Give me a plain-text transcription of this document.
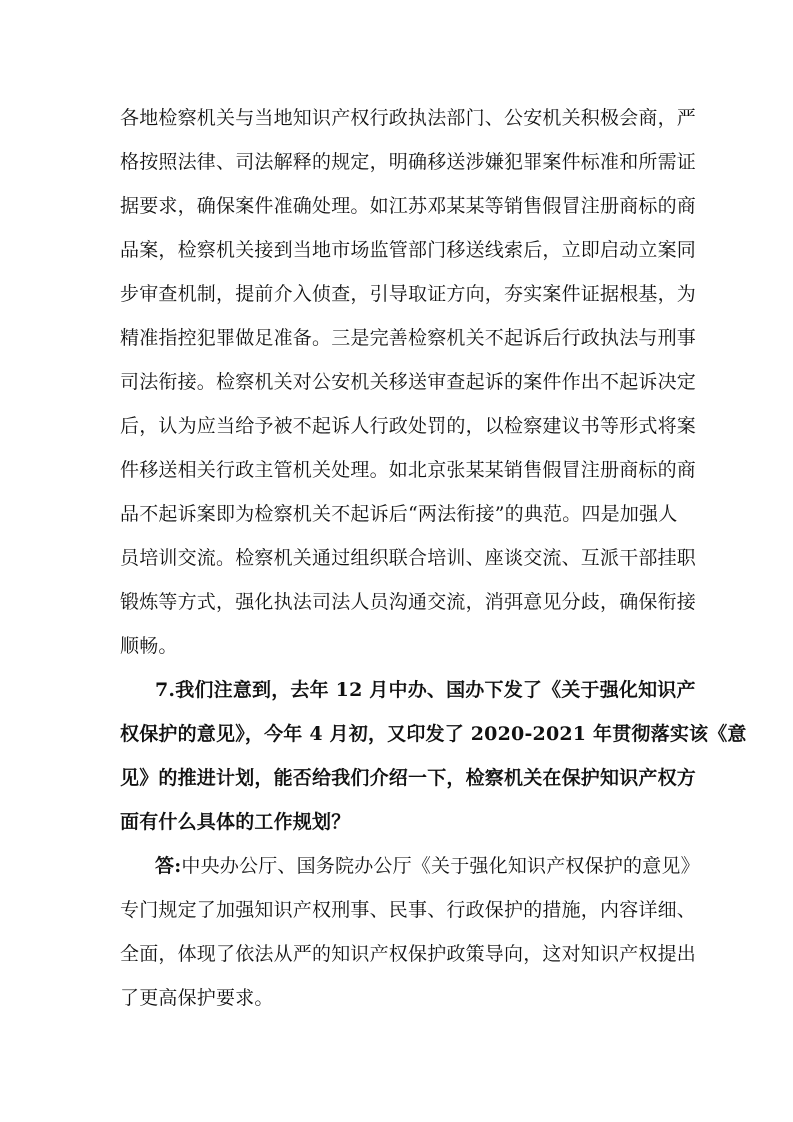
各地检察机关与当地知识产权行政执法部门、公安机关积极会商，严
格按照法律、司法解释的规定，明确移送涉嫌犯罪案件标准和所需证
据要求，确保案件准确处理。如江苏邓某某等销售假冒注册商标的商
品案，检察机关接到当地市场监管部门移送线索后，立即启动立案同
步审查机制，提前介入侦查，引导取证方向，夯实案件证据根基，为
精准指控犯罪做足准备。三是完善检察机关不起诉后行政执法与刑事
司法衔接。检察机关对公安机关移送审查起诉的案件作出不起诉决定
后，认为应当给予被不起诉人行政处罚的，以检察建议书等形式将案
件移送相关行政主管机关处理。如北京张某某销售假冒注册商标的商
品不起诉案即为检察机关不起诉后“两法衔接”的典范。四是加强人
员培训交流。检察机关通过组织联合培训、座谈交流、互派干部挂职
锻炼等方式，强化执法司法人员沟通交流，消弭意见分歧，确保衔接
顺畅。
7.我们注意到，去年 12 月中办、国办下发了《关于强化知识产
权保护的意见》，今年 4 月初，又印发了 2020-2021 年贯彻落实该《意
见》的推进计划，能否给我们介绍一下，检察机关在保护知识产权方
面有什么具体的工作规划？
答:中央办公厅、国务院办公厅《关于强化知识产权保护的意见》
专门规定了加强知识产权刑事、民事、行政保护的措施，内容详细、
全面，体现了依法从严的知识产权保护政策导向，这对知识产权提出
了更高保护要求。
